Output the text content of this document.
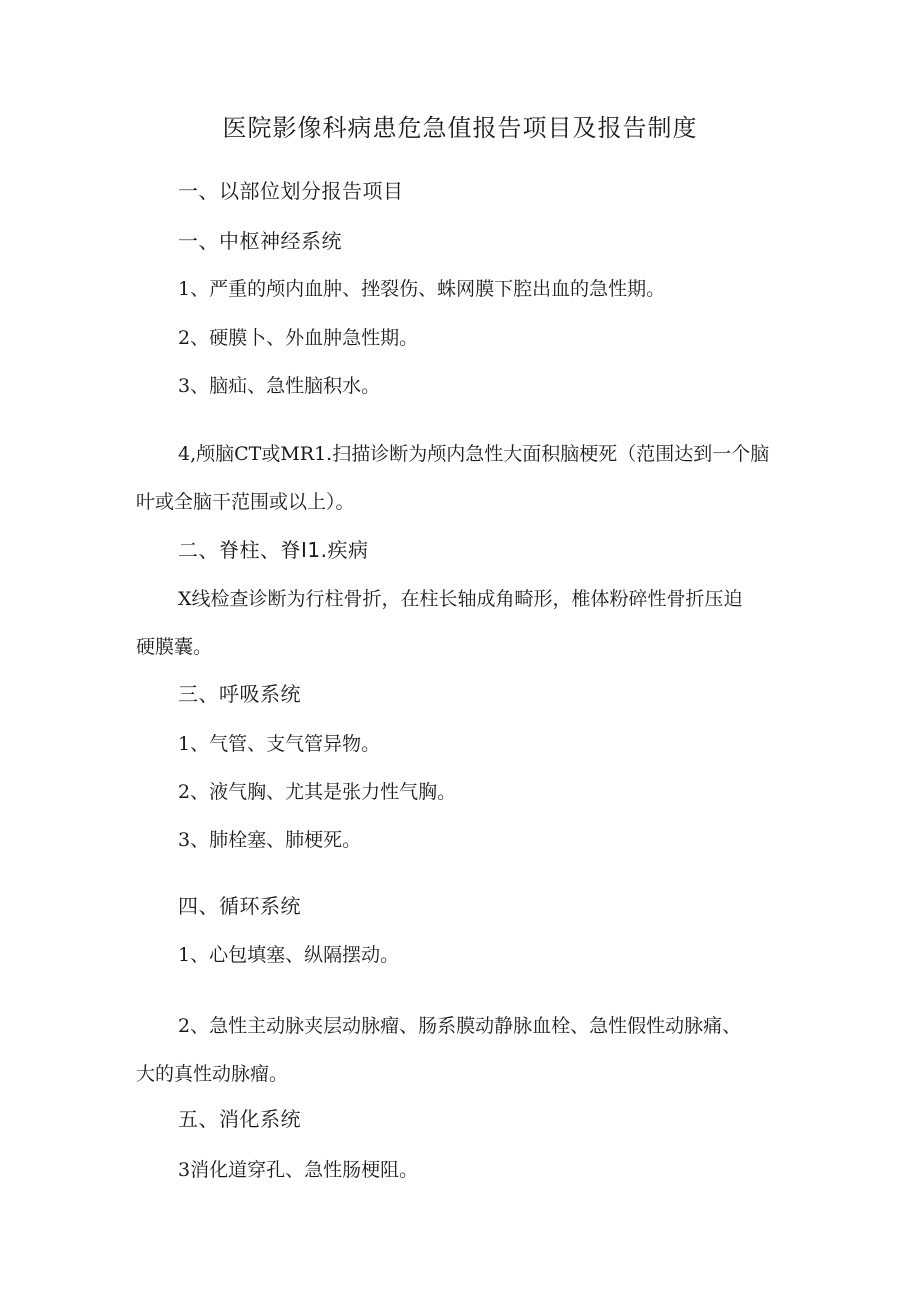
医院影像科病患危急值报告项目及报告制度
一、以部位划分报告项目
一、中枢神经系统
1、严重的颅内血肿、挫裂伤、蛛网膜下腔出血的急性期。
2、硬膜卜、外血肿急性期。
3、脑疝、急性脑积水。
4,颅脑CT或MR1.扫描诊断为颅内急性大面积脑梗死（范围达到一个脑
叶或全脑干范围或以上）。
二、脊柱、脊I1.疾病
X线检查诊断为行柱骨折，在柱长轴成角畸形，椎体粉碎性骨折压迫
硬膜囊。
三、呼吸系统
1、气管、支气管异物。
2、液气胸、尤其是张力性气胸。
3、肺栓塞、肺梗死。
四、循环系统
1、心包填塞、纵隔摆动。
2、急性主动脉夹层动脉瘤、肠系膜动静脉血栓、急性假性动脉痛、
大的真性动脉瘤。
五、消化系统
3消化道穿孔、急性肠梗阻。
